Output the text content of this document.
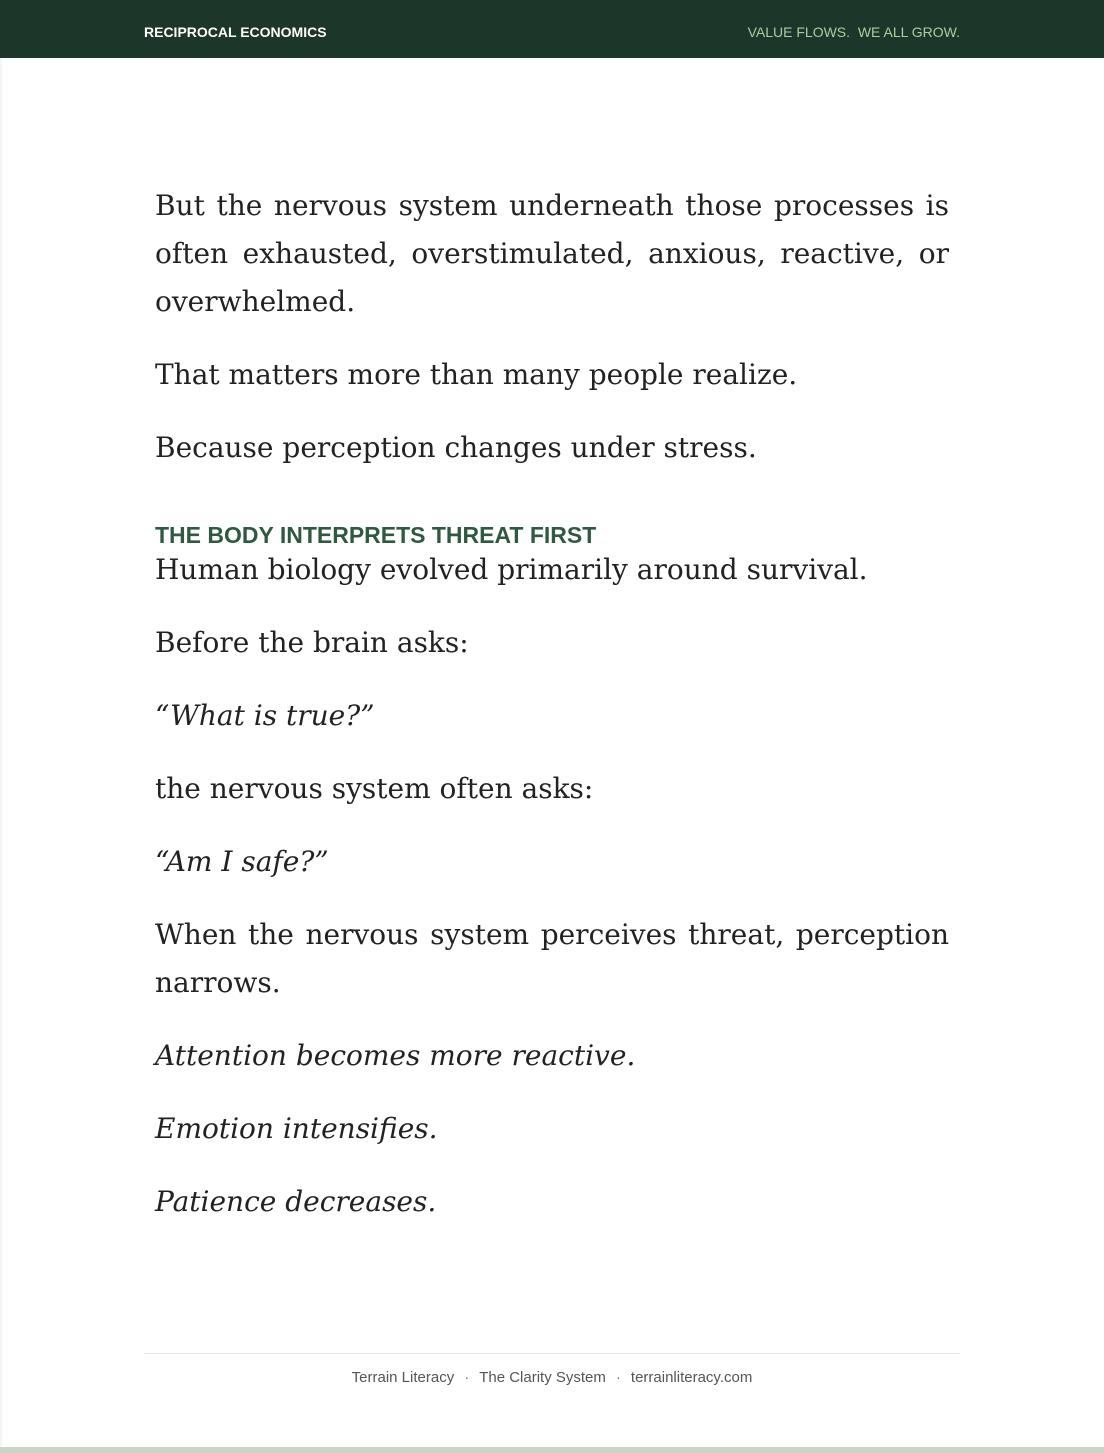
RECIPROCAL ECONOMICS	VALUE FLOWS.  WE ALL GROW.

But the nervous system underneath those processes is often exhausted, overstimulated, anxious, reactive, or overwhelmed.

That matters more than many people realize.

Because perception changes under stress.

THE BODY INTERPRETS THREAT FIRST

Human biology evolved primarily around survival.

Before the brain asks:

“What is true?”

the nervous system often asks:

“Am I safe?”

When the nervous system perceives threat, perception narrows.

Attention becomes more reactive.

Emotion intensifies.

Patience decreases.

Terrain Literacy · The Clarity System · terrainliteracy.com
